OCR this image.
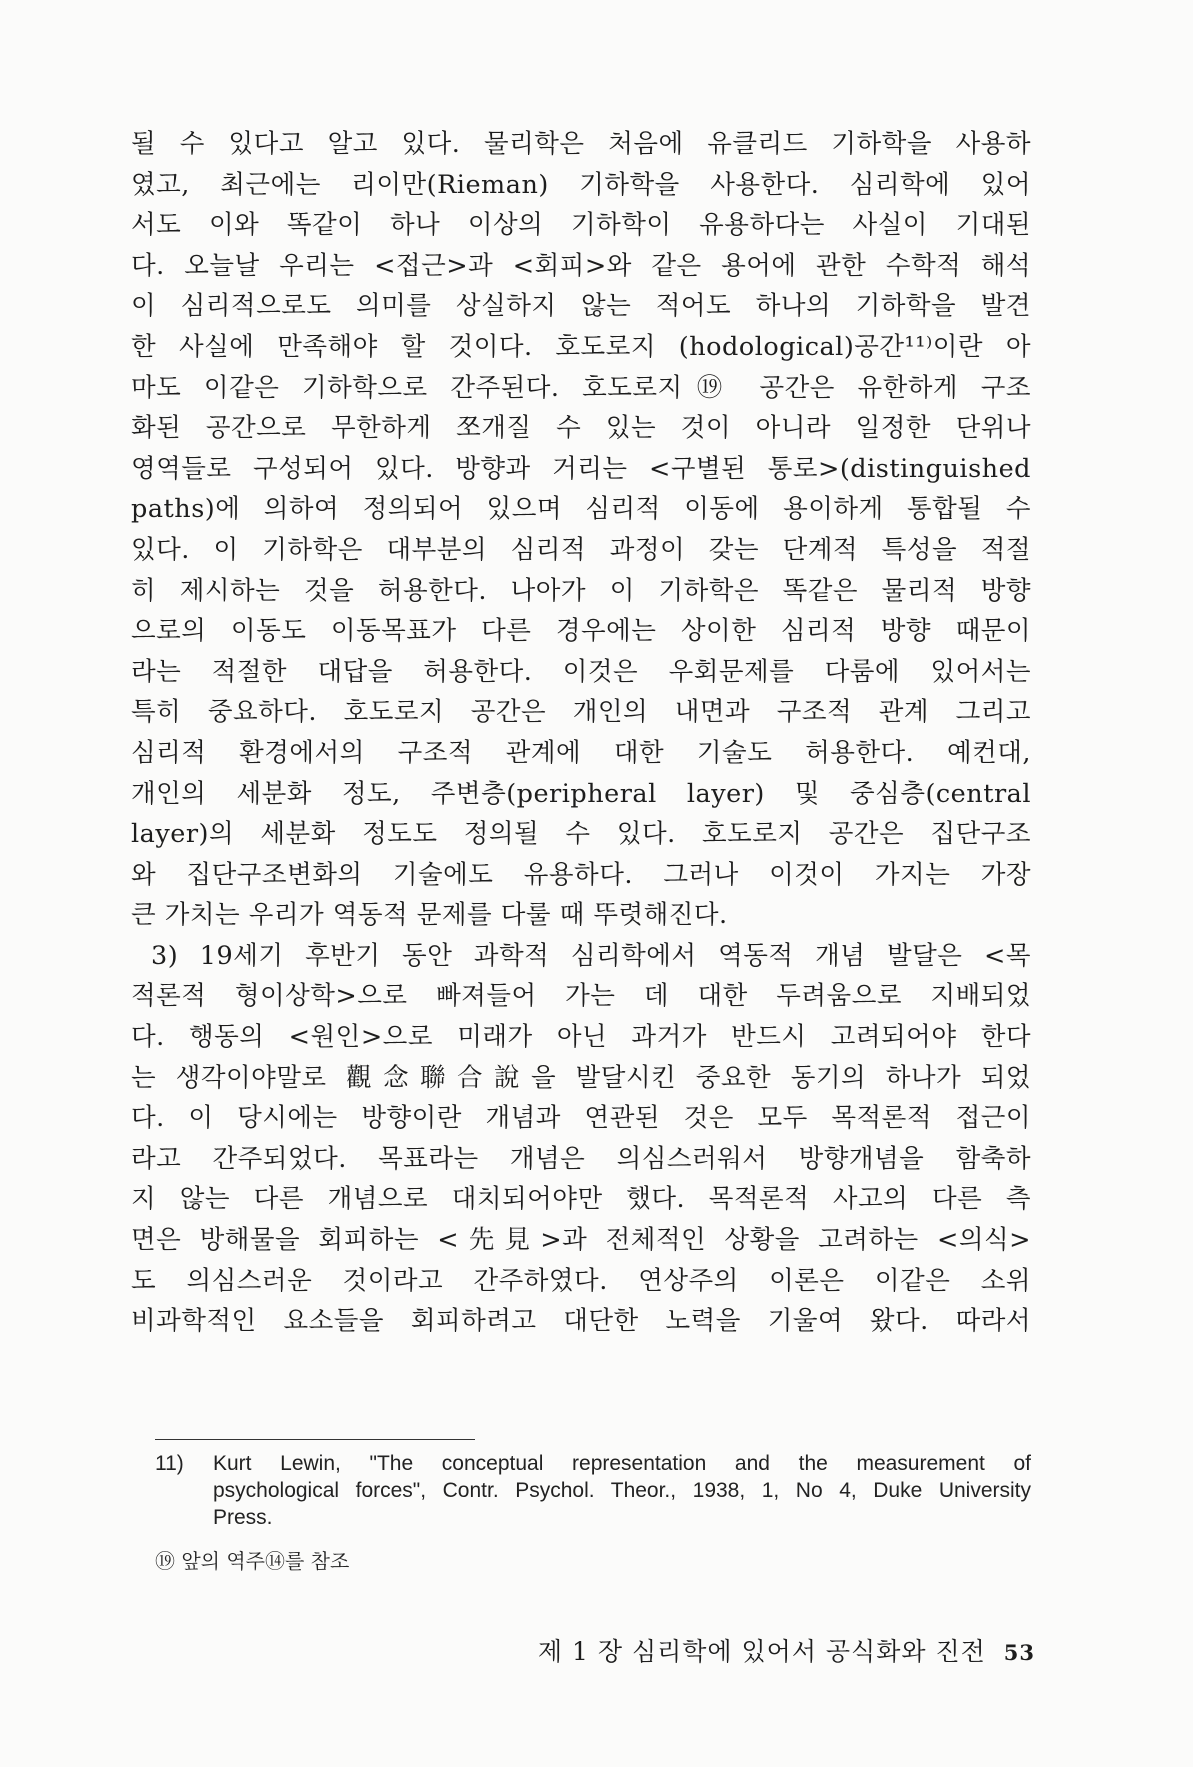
될 수 있다고 알고 있다. 물리학은 처음에 유클리드 기하학을 사용하
였고, 최근에는 리이만(Rieman) 기하학을 사용한다. 심리학에 있어
서도 이와 똑같이 하나 이상의 기하학이 유용하다는 사실이 기대된
다. 오늘날 우리는 <접근>과 <회피>와 같은 용어에 관한 수학적 해석
이 심리적으로도 의미를 상실하지 않는 적어도 하나의 기하학을 발견
한 사실에 만족해야 할 것이다. 호도로지 (hodological)공간¹¹⁾이란 아
마도 이같은 기하학으로 간주된다. 호도로지⑲ 공간은 유한하게 구조
화된 공간으로 무한하게 쪼개질 수 있는 것이 아니라 일정한 단위나
영역들로 구성되어 있다. 방향과 거리는 <구별된 통로>(distinguished
paths)에 의하여 정의되어 있으며 심리적 이동에 용이하게 통합될 수
있다. 이 기하학은 대부분의 심리적 과정이 갖는 단계적 특성을 적절
히 제시하는 것을 허용한다. 나아가 이 기하학은 똑같은 물리적 방향
으로의 이동도 이동목표가 다른 경우에는 상이한 심리적 방향 때문이
라는 적절한 대답을 허용한다. 이것은 우회문제를 다룸에 있어서는
특히 중요하다. 호도로지 공간은 개인의 내면과 구조적 관계 그리고
심리적 환경에서의 구조적 관계에 대한 기술도 허용한다. 예컨대,
개인의 세분화 정도, 주변층(peripheral layer) 및 중심층(central
layer)의 세분화 정도도 정의될 수 있다. 호도로지 공간은 집단구조
와 집단구조변화의 기술에도 유용하다. 그러나 이것이 가지는 가장
큰 가치는 우리가 역동적 문제를 다룰 때 뚜렷해진다.
3) 19세기 후반기 동안 과학적 심리학에서 역동적 개념 발달은 <목
적론적 형이상학>으로 빠져들어 가는 데 대한 두려움으로 지배되었
다. 행동의 <원인>으로 미래가 아닌 과거가 반드시 고려되어야 한다
는 생각이야말로 觀念聯合說을 발달시킨 중요한 동기의 하나가 되었
다. 이 당시에는 방향이란 개념과 연관된 것은 모두 목적론적 접근이
라고 간주되었다. 목표라는 개념은 의심스러워서 방향개념을 함축하
지 않는 다른 개념으로 대치되어야만 했다. 목적론적 사고의 다른 측
면은 방해물을 회피하는 <先見>과 전체적인 상황을 고려하는 <의식>
도 의심스러운 것이라고 간주하였다. 연상주의 이론은 이같은 소위
비과학적인 요소들을 회피하려고 대단한 노력을 기울여 왔다. 따라서
11)	Kurt Lewin, "The conceptual representation and the measurement of
psychological forces", Contr. Psychol. Theor., 1938, 1, No 4, Duke University
Press.
⑲ 앞의 역주⑭를 참조
제 1 장 심리학에 있어서 공식화와 진전 53
